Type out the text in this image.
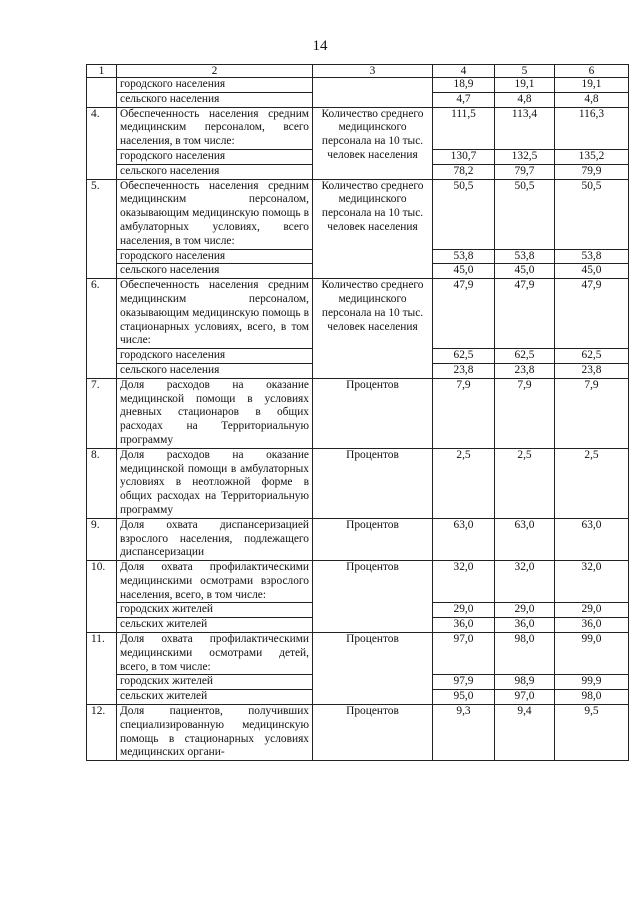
14
1	2	3	4	5	6
	городского населения		18,9	19,1	19,1
	сельского населения		4,7	4,8	4,8
4.	Обеспеченность населения средним медицинским персоналом, всего населения, в том числе:	Количество среднего медицинского персонала на 10 тыс. человек населения	111,5	113,4	116,3
	городского населения		130,7	132,5	135,2
	сельского населения		78,2	79,7	79,9
5.	Обеспеченность населения средним медицинским персоналом, оказывающим медицинскую помощь в амбулаторных условиях, всего населения, в том числе:	Количество среднего медицинского персонала на 10 тыс. человек населения	50,5	50,5	50,5
	городского населения		53,8	53,8	53,8
	сельского населения		45,0	45,0	45,0
6.	Обеспеченность населения средним медицинским персоналом, оказывающим медицинскую помощь в стационарных условиях, всего, в том числе:	Количество среднего медицинского персонала на 10 тыс. человек населения	47,9	47,9	47,9
	городского населения		62,5	62,5	62,5
	сельского населения		23,8	23,8	23,8
7.	Доля расходов на оказание медицинской помощи в условиях дневных стационаров в общих расходах на Территориальную программу	Процентов	7,9	7,9	7,9
8.	Доля расходов на оказание медицинской помощи в амбулаторных условиях в неотложной форме в общих расходах на Территориальную программу	Процентов	2,5	2,5	2,5
9.	Доля охвата диспансеризацией взрослого населения, подлежащего диспансеризации	Процентов	63,0	63,0	63,0
10.	Доля охвата профилактическими медицинскими осмотрами взрослого населения, всего, в том числе:	Процентов	32,0	32,0	32,0
	городских жителей		29,0	29,0	29,0
	сельских жителей		36,0	36,0	36,0
11.	Доля охвата профилактическими медицинскими осмотрами детей, всего, в том числе:	Процентов	97,0	98,0	99,0
	городских жителей		97,9	98,9	99,9
	сельских жителей		95,0	97,0	98,0
12.	Доля пациентов, получивших специализированную медицинскую помощь в стационарных условиях медицинских органи-	Процентов	9,3	9,4	9,5
